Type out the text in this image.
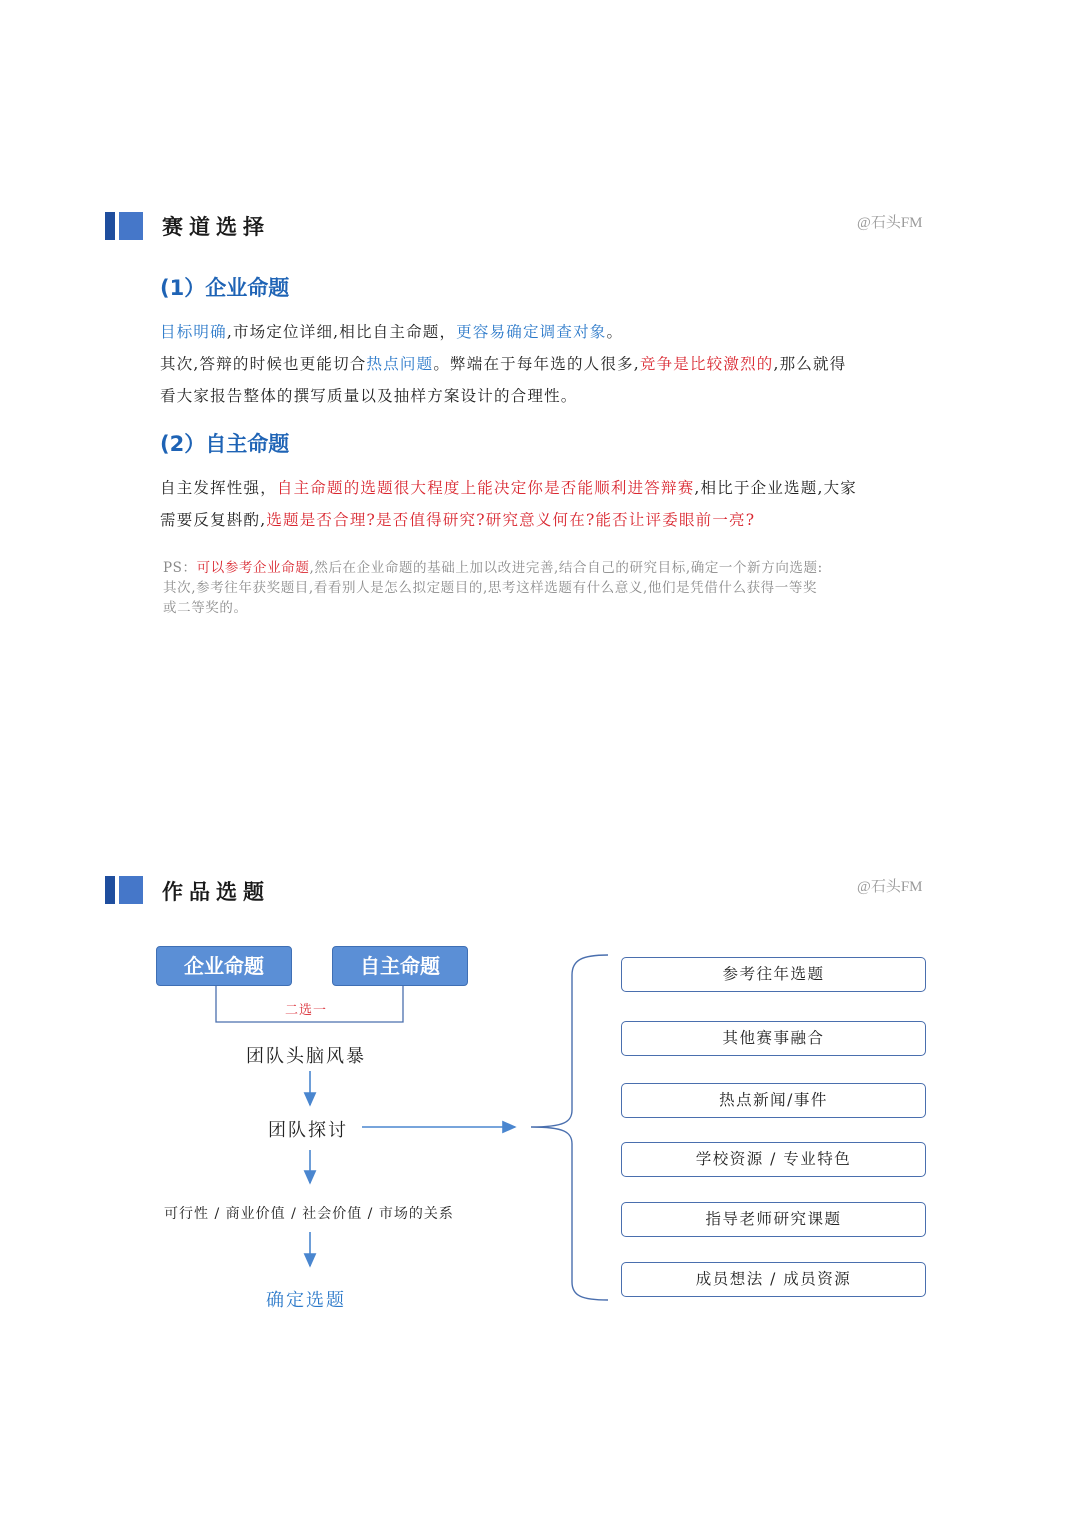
赛道选择	@石头FM
(1）企业命题
目标明确,市场定位详细,相比自主命题，更容易确定调查对象。
其次,答辩的时候也更能切合热点问题。弊端在于每年选的人很多,竞争是比较激烈的,那么就得
看大家报告整体的撰写质量以及抽样方案设计的合理性。
(2）自主命题
自主发挥性强，自主命题的选题很大程度上能决定你是否能顺利进答辩赛,相比于企业选题,大家
需要反复斟酌,选题是否合理?是否值得研究?研究意义何在?能否让评委眼前一亮?
PS：可以参考企业命题,然后在企业命题的基础上加以改进完善,结合自己的研究目标,确定一个新方向选题:
其次,参考往年获奖题目,看看别人是怎么拟定题目的,思考这样选题有什么意义,他们是凭借什么获得一等奖
或二等奖的。
作品选题	@石头FM
企业命题	自主命题
二选一
团队头脑风暴
团队探讨
可行性 / 商业价值 / 社会价值 / 市场的关系
确定选题
参考往年选题
其他赛事融合
热点新闻/事件
学校资源 / 专业特色
指导老师研究课题
成员想法 / 成员资源
